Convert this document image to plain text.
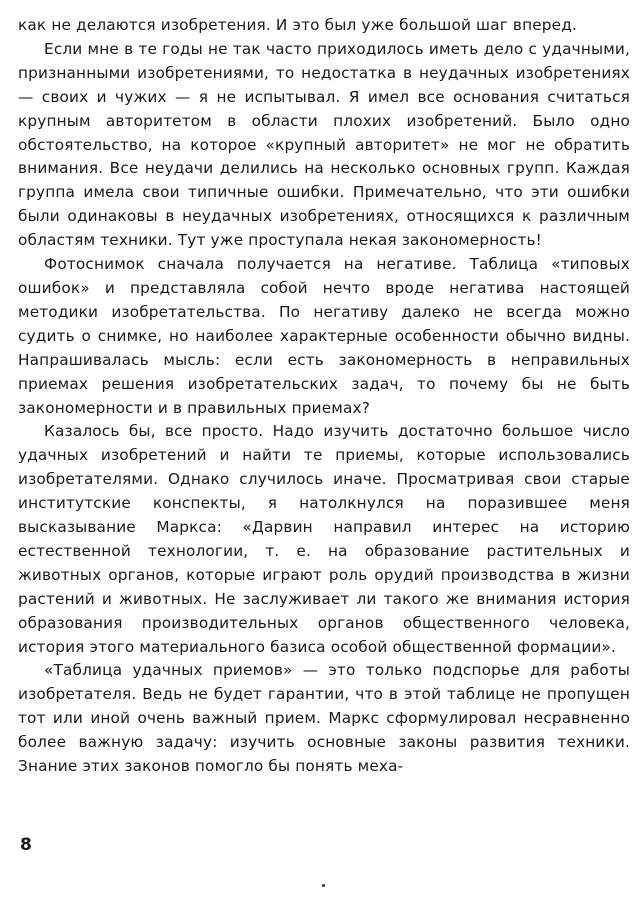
как не делаются изобретения. И это был уже большой шаг вперед.

Если мне в те годы не так часто приходилось иметь дело с удачными, признанными изобретениями, то недостатка в неудачных изобретениях — своих и чужих — я не испытывал. Я имел все основания считаться крупным авторитетом в области плохих изобретений. Было одно обстоятельство, на которое «крупный авторитет» не мог не обратить внимания. Все неудачи делились на несколько основных групп. Каждая группа имела свои типичные ошибки. Примечательно, что эти ошибки были одинаковы в неудачных изобретениях, относящихся к различным областям техники. Тут уже проступала некая закономерность!

Фотоснимок сначала получается на негативе. Таблица «типовых ошибок» и представляла собой нечто вроде негатива настоящей методики изобретательства. По негативу далеко не всегда можно судить о снимке, но наиболее характерные особенности обычно видны. Напрашивалась мысль: если есть закономерность в неправильных приемах решения изобретательских задач, то почему бы не быть закономерности и в правильных приемах?

Казалось бы, все просто. Надо изучить достаточно большое число удачных изобретений и найти те приемы, которые использовались изобретателями. Однако случилось иначе. Просматривая свои старые институтские конспекты, я натолкнулся на поразившее меня высказывание Маркса: «Дарвин направил интерес на историю естественной технологии, т. е. на образование растительных и животных органов, которые играют роль орудий производства в жизни растений и животных. Не заслуживает ли такого же внимания история образования производительных органов общественного человека, история этого материального базиса особой общественной формации».

«Таблица удачных приемов» — это только подспорье для работы изобретателя. Ведь не будет гарантии, что в этой таблице не пропущен тот или иной очень важный прием. Маркс сформулировал несравненно более важную задачу: изучить основные законы развития техники. Знание этих законов помогло бы понять меха-

8
